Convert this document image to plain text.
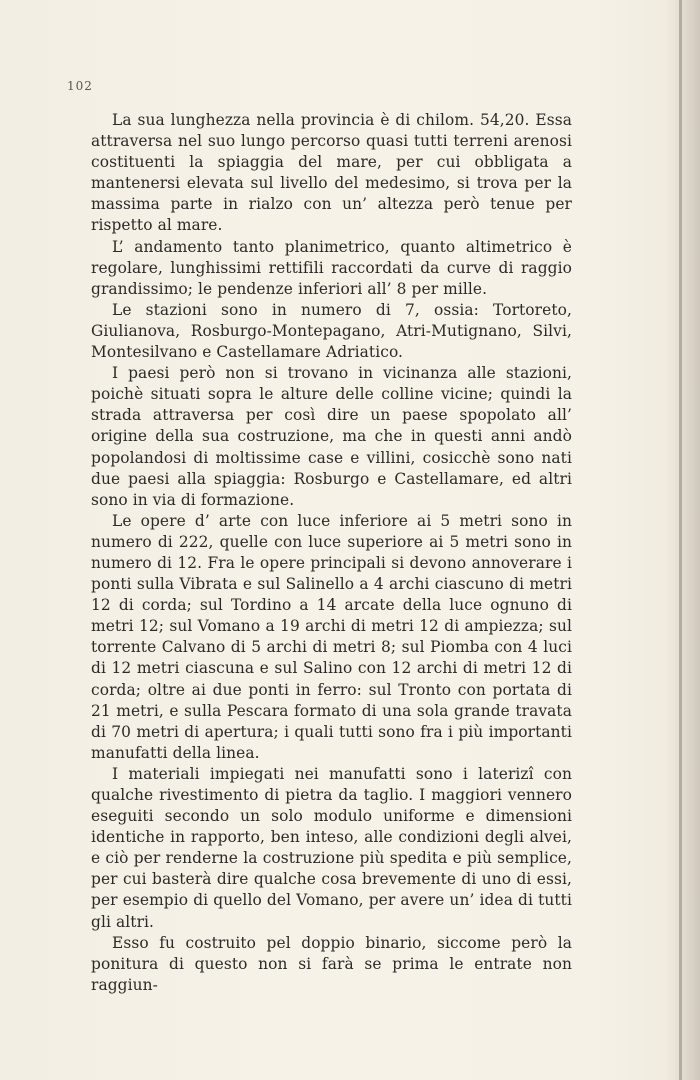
102

La sua lunghezza nella provincia è di chilom. 54,20. Essa attraversa nel suo lungo percorso quasi tutti terreni arenosi costituenti la spiaggia del mare, per cui obbligata a mantenersi elevata sul livello del medesimo, si trova per la massima parte in rialzo con un’ altezza però tenue per rispetto al mare.

L’ andamento tanto planimetrico, quanto altimetrico è regolare, lunghissimi rettifili raccordati da curve di raggio grandissimo; le pendenze inferiori all’ 8 per mille.

Le stazioni sono in numero di 7, ossia: Tortoreto, Giulianova, Rosburgo-Montepagano, Atri-Mutignano, Silvi, Montesilvano e Castellamare Adriatico.

I paesi però non si trovano in vicinanza alle stazioni, poichè situati sopra le alture delle colline vicine; quindi la strada attraversa per così dire un paese spopolato all’ origine della sua costruzione, ma che in questi anni andò popolandosi di moltissime case e villini, cosicchè sono nati due paesi alla spiaggia: Rosburgo e Castellamare, ed altri sono in via di formazione.

Le opere d’ arte con luce inferiore ai 5 metri sono in numero di 222, quelle con luce superiore ai 5 metri sono in numero di 12. Fra le opere principali si devono annoverare i ponti sulla Vibrata e sul Salinello a 4 archi ciascuno di metri 12 di corda; sul Tordino a 14 arcate della luce ognuno di metri 12; sul Vomano a 19 archi di metri 12 di ampiezza; sul torrente Calvano di 5 archi di metri 8; sul Piomba con 4 luci di 12 metri ciascuna e sul Salino con 12 archi di metri 12 di corda; oltre ai due ponti in ferro: sul Tronto con portata di 21 metri, e sulla Pescara formato di una sola grande travata di 70 metri di apertura; i quali tutti sono fra i più importanti manufatti della linea.

I materiali impiegati nei manufatti sono i laterizî con qualche rivestimento di pietra da taglio. I maggiori vennero eseguiti secondo un solo modulo uniforme e dimensioni identiche in rapporto, ben inteso, alle condizioni degli alvei, e ciò per renderne la costruzione più spedita e più semplice, per cui basterà dire qualche cosa brevemente di uno di essi, per esempio di quello del Vomano, per avere un’ idea di tutti gli altri.

Esso fu costruito pel doppio binario, siccome però la ponitura di questo non si farà se prima le entrate non raggiun-
